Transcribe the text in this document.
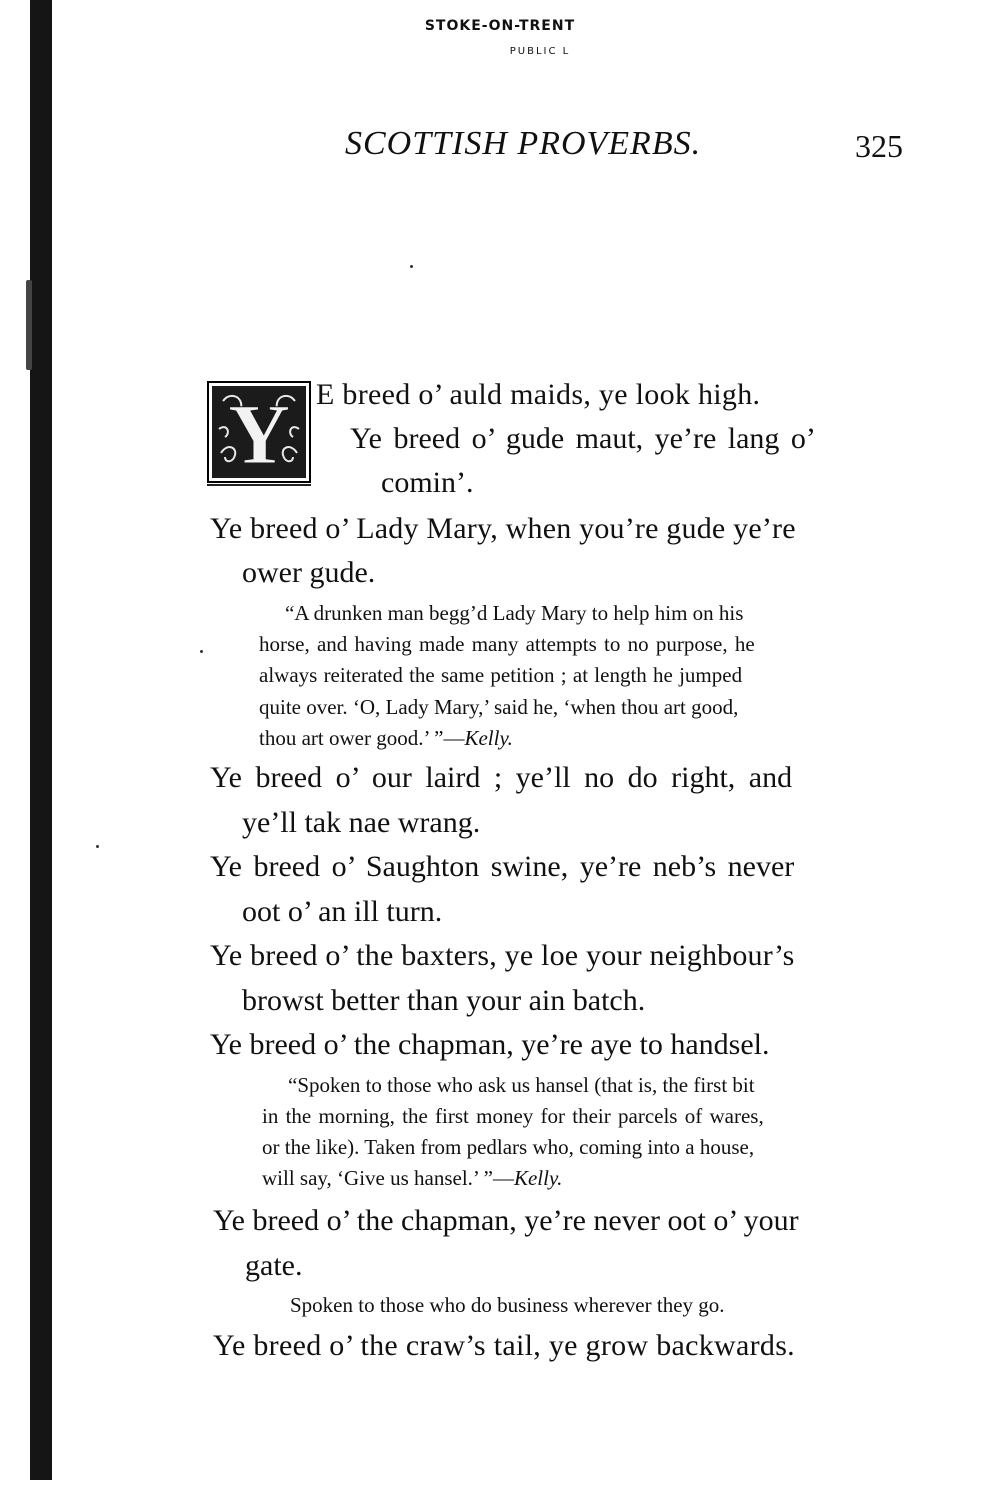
STOKE-ON-TRENT
PUBLIC L
SCOTTISH PROVERBS.	325
Y E breed o’ auld maids, ye look high.
Ye breed o’ gude maut, ye’re lang o’
comin’.
Ye breed o’ Lady Mary, when you’re gude ye’re
ower gude.
“A drunken man begg’d Lady Mary to help him on his
horse, and having made many attempts to no purpose, he
always reiterated the same petition ; at length he jumped
quite over. ‘O, Lady Mary,’ said he, ‘when thou art good,
thou art ower good.’ ”—Kelly.
Ye breed o’ our laird ; ye’ll no do right, and
ye’ll tak nae wrang.
Ye breed o’ Saughton swine, ye’re neb’s never
oot o’ an ill turn.
Ye breed o’ the baxters, ye loe your neighbour’s
browst better than your ain batch.
Ye breed o’ the chapman, ye’re aye to handsel.
“Spoken to those who ask us hansel (that is, the first bit
in the morning, the first money for their parcels of wares,
or the like). Taken from pedlars who, coming into a house,
will say, ‘Give us hansel.’ ”—Kelly.
Ye breed o’ the chapman, ye’re never oot o’ your
gate.
Spoken to those who do business wherever they go.
Ye breed o’ the craw’s tail, ye grow backwards.
